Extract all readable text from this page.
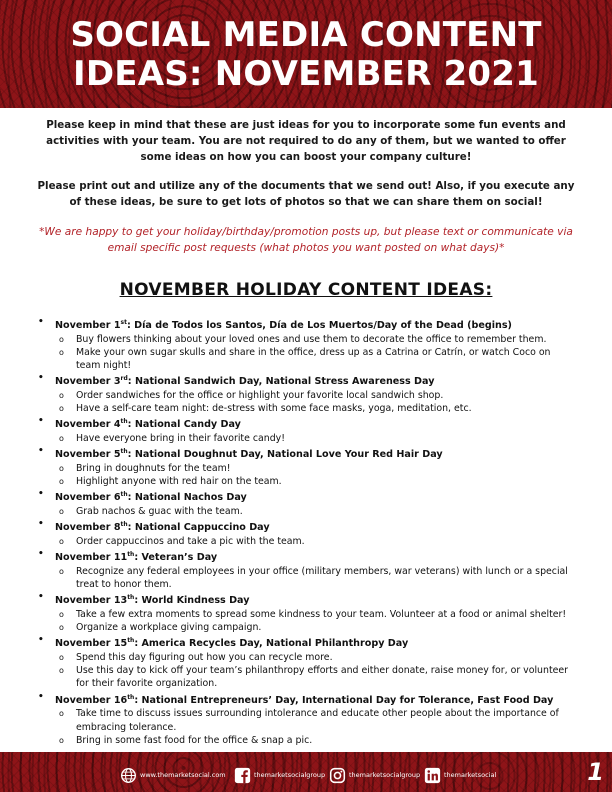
SOCIAL MEDIA CONTENT
IDEAS: NOVEMBER 2021

Please keep in mind that these are just ideas for you to incorporate some fun events and activities with your team. You are not required to do any of them, but we wanted to offer some ideas on how you can boost your company culture!

Please print out and utilize any of the documents that we send out! Also, if you execute any of these ideas, be sure to get lots of photos so that we can share them on social!

*We are happy to get your holiday/birthday/promotion posts up, but please text or communicate via email specific post requests (what photos you want posted on what days)*

NOVEMBER HOLIDAY CONTENT IDEAS:
• November 1st: Día de Todos los Santos, Día de Los Muertos/Day of the Dead (begins)
o Buy flowers thinking about your loved ones and use them to decorate the office to remember them.
o Make your own sugar skulls and share in the office, dress up as a Catrina or Catrín, or watch Coco on team night!
• November 3rd: National Sandwich Day, National Stress Awareness Day
o Order sandwiches for the office or highlight your favorite local sandwich shop.
o Have a self-care team night: de-stress with some face masks, yoga, meditation, etc.
• November 4th: National Candy Day
o Have everyone bring in their favorite candy!
• November 5th: National Doughnut Day, National Love Your Red Hair Day
o Bring in doughnuts for the team!
o Highlight anyone with red hair on the team.
• November 6th: National Nachos Day
o Grab nachos & guac with the team.
• November 8th: National Cappuccino Day
o Order cappuccinos and take a pic with the team.
• November 11th: Veteran’s Day
o Recognize any federal employees in your office (military members, war veterans) with lunch or a special treat to honor them.
• November 13th: World Kindness Day
o Take a few extra moments to spread some kindness to your team. Volunteer at a food or animal shelter!
o Organize a workplace giving campaign.
• November 15th: America Recycles Day, National Philanthropy Day
o Spend this day figuring out how you can recycle more.
o Use this day to kick off your team’s philanthropy efforts and either donate, raise money for, or volunteer for their favorite organization.
• November 16th: National Entrepreneurs’ Day, International Day for Tolerance, Fast Food Day
o Take time to discuss issues surrounding intolerance and educate other people about the importance of embracing tolerance.
o Bring in some fast food for the office & snap a pic.
www.themarketsocial.com	themarketsocialgroup	themarketsocialgroup	themarketsocial	1
